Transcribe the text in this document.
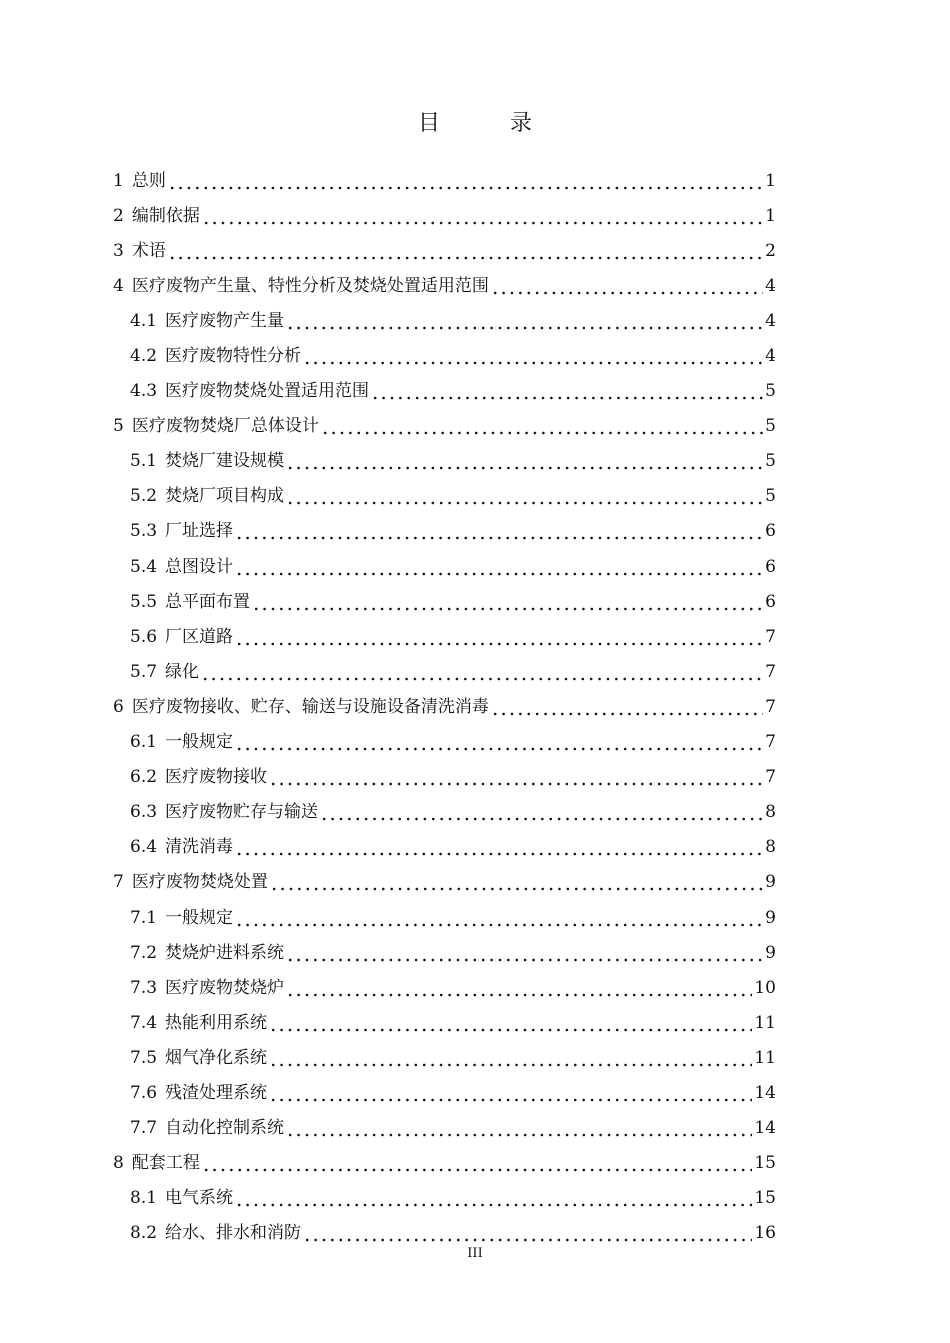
目	录
1 总则	1
2 编制依据	1
3 术语	2
4 医疗废物产生量、特性分析及焚烧处置适用范围	4
4.1 医疗废物产生量	4
4.2 医疗废物特性分析	4
4.3 医疗废物焚烧处置适用范围	5
5 医疗废物焚烧厂总体设计	5
5.1 焚烧厂建设规模	5
5.2 焚烧厂项目构成	5
5.3 厂址选择	6
5.4 总图设计	6
5.5 总平面布置	6
5.6 厂区道路	7
5.7 绿化	7
6 医疗废物接收、贮存、输送与设施设备清洗消毒	7
6.1 一般规定	7
6.2 医疗废物接收	7
6.3 医疗废物贮存与输送	8
6.4 清洗消毒	8
7 医疗废物焚烧处置	9
7.1 一般规定	9
7.2 焚烧炉进料系统	9
7.3 医疗废物焚烧炉	10
7.4 热能利用系统	11
7.5 烟气净化系统	11
7.6 残渣处理系统	14
7.7 自动化控制系统	14
8 配套工程	15
8.1 电气系统	15
8.2 给水、排水和消防	16
III
